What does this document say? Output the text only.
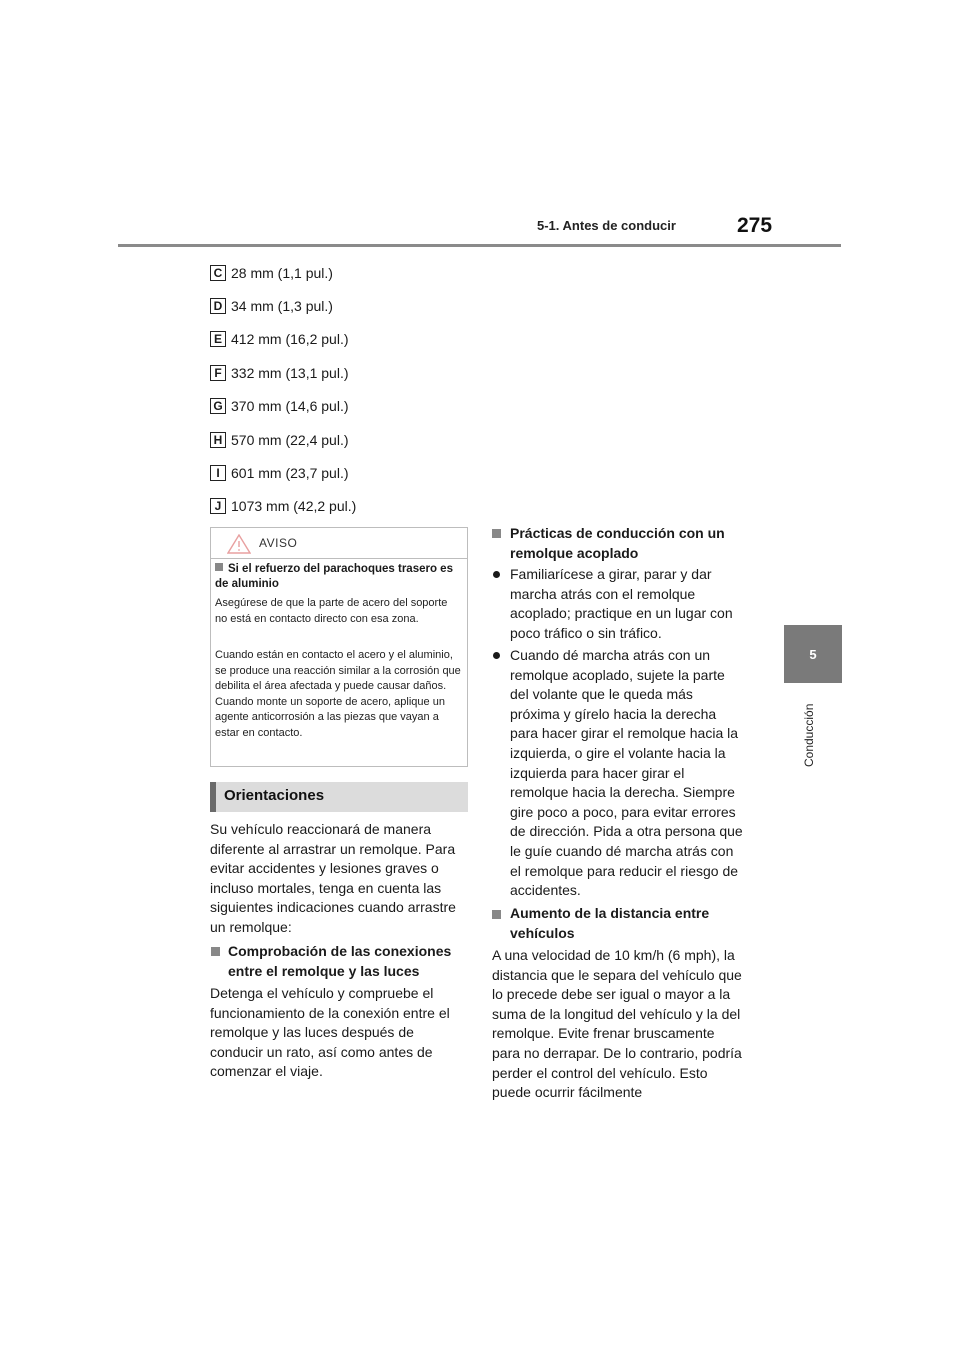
5-1. Antes de conducir	275
5
Conducción
C 28 mm (1,1 pul.)
D 34 mm (1,3 pul.)
E 412 mm (16,2 pul.)
F 332 mm (13,1 pul.)
G 370 mm (14,6 pul.)
H 570 mm (22,4 pul.)
I 601 mm (23,7 pul.)
J 1073 mm (42,2 pul.)
AVISO
Si el refuerzo del parachoques trasero es de aluminio
Asegúrese de que la parte de acero del soporte no está en contacto directo con esa zona.
Cuando están en contacto el acero y el aluminio, se produce una reacción similar a la corrosión que debilita el área afectada y puede causar daños. Cuando monte un soporte de acero, aplique un agente anticorrosión a las piezas que vayan a estar en contacto.
Orientaciones
Su vehículo reaccionará de manera diferente al arrastrar un remolque. Para evitar accidentes y lesiones graves o incluso mortales, tenga en cuenta las siguientes indicaciones cuando arrastre un remolque:
Comprobación de las conexiones entre el remolque y las luces
Detenga el vehículo y compruebe el funcionamiento de la conexión entre el remolque y las luces después de conducir un rato, así como antes de comenzar el viaje.
Prácticas de conducción con un remolque acoplado
Familiarícese a girar, parar y dar marcha atrás con el remolque acoplado; practique en un lugar con poco tráfico o sin tráfico.
Cuando dé marcha atrás con un remolque acoplado, sujete la parte del volante que le queda más próxima y gírelo hacia la derecha para hacer girar el remolque hacia la izquierda, o gire el volante hacia la izquierda para hacer girar el remolque hacia la derecha. Siempre gire poco a poco, para evitar errores de dirección. Pida a otra persona que le guíe cuando dé marcha atrás con el remolque para reducir el riesgo de accidentes.
Aumento de la distancia entre vehículos
A una velocidad de 10 km/h (6 mph), la distancia que le separa del vehículo que lo precede debe ser igual o mayor a la suma de la longitud del vehículo y la del remolque. Evite frenar bruscamente para no derrapar. De lo contrario, podría perder el control del vehículo. Esto puede ocurrir fácilmente
